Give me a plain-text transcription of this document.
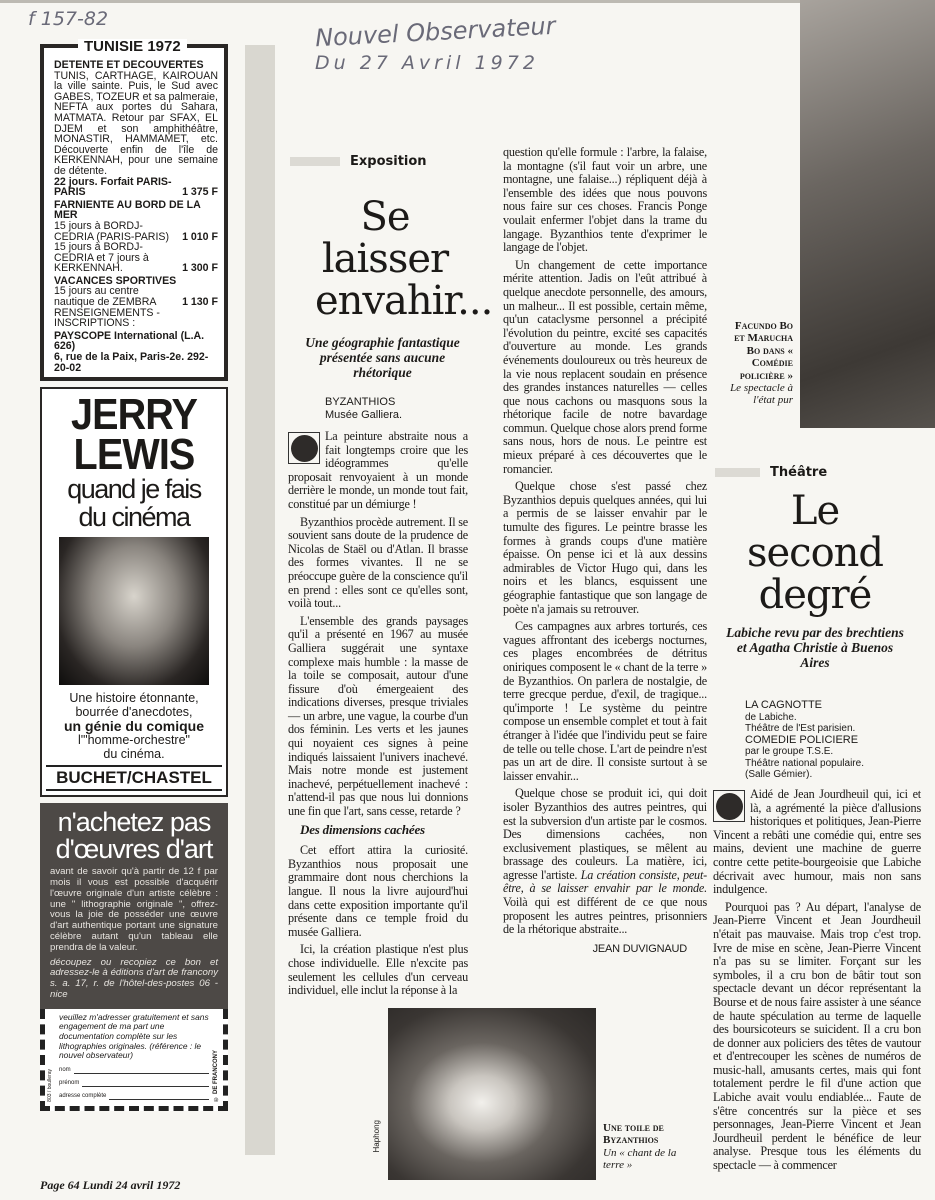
f 157-82	Nouvel Observateur
Du 27 Avril 1972
TUNISIE 1972
DETENTE ET DECOUVERTES
TUNIS, CARTHAGE, KAIROUAN la ville sainte. Puis, le Sud avec GABES, TOZEUR et sa palmeraie, NEFTA aux portes du Sahara, MATMATA. Retour par SFAX, EL DJEM et son amphithéâtre, MONASTIR, HAMMAMET, etc. Découverte enfin de l'île de KERKENNAH, pour une semaine de détente.
22 jours. Forfait PARIS-PARIS	1 375 F
FARNIENTE AU BORD DE LA MER
15 jours à BORDJ-CEDRIA (PARIS-PARIS)	1 010 F
15 jours à BORDJ-CEDRIA et 7 jours à KERKENNAH.	1 300 F
VACANCES SPORTIVES
15 jours au centre nautique de ZEMBRA	1 130 F
RENSEIGNEMENTS - INSCRIPTIONS :
PAYSCOPE International (L.A. 626)
6, rue de la Paix, Paris-2e. 292-20-02
JERRY
LEWIS
quand je fais
du cinéma
Une histoire étonnante,
bourrée d'anecdotes,
un génie du comique
l'"homme-orchestre"
du cinéma.
BUCHET/CHASTEL
n'achetez pas
d'œuvres d'art

avant de savoir qu'à partir de 12 f par mois il vous est possible d'acquérir l'œuvre originale d'un artiste célèbre : une " lithographie originale ", offrez-vous la joie de posséder une œuvre d'art authentique portant une signature célèbre autant qu'un tableau elle prendra de la valeur.

découpez ou recopiez ce bon et adressez-le à éditions d'art de francony s. a. 17, r. de l'hôtel-des-postes 06 - nice

veuillez m'adresser gratuitement et sans engagement de ma part une documentation complète sur les lithographies originales. (référence : le nouvel observateur)
nom
prénom
adresse complète	© DE FRANCONY
803 / boulleray
Page 64 Lundi 24 avril 1972
Exposition
Se laisser envahir...
Une géographie fantastique présentée sans aucune rhétorique
BYZANTHIOS
Musée Galliera.

La peinture abstraite nous a fait longtemps croire que les idéogrammes qu'elle proposait renvoyaient à un monde derrière le monde, un monde tout fait, constitué par un démiurge !

Byzanthios procède autrement. Il se souvient sans doute de la prudence de Nicolas de Staël ou d'Atlan. Il brasse des formes vivantes. Il ne se préoccupe guère de la conscience qu'il en prend : elles sont ce qu'elles sont, voilà tout...

L'ensemble des grands paysages qu'il a présenté en 1967 au musée Galliera suggérait une syntaxe complexe mais humble : la masse de la toile se composait, autour d'une fissure d'où émergeaient des indications diverses, presque triviales — un arbre, une vague, la courbe d'un dos féminin. Les verts et les jaunes qui noyaient ces signes à peine indiqués laissaient l'univers inachevé. Mais notre monde est justement inachevé, perpétuellement inachevé : n'attend-il pas que nous lui donnions une fin que l'art, sans cesse, retarde ?

Des dimensions cachées

Cet effort attira la curiosité. Byzanthios nous proposait une grammaire dont nous cherchions la langue. Il nous la livre aujourd'hui dans cette exposition importante qu'il présente dans ce temple froid du musée Galliera.

Ici, la création plastique n'est plus chose individuelle. Elle n'excite pas seulement les cellules d'un cerveau individuel, elle inclut la réponse à la

question qu'elle formule : l'arbre, la falaise, la montagne (s'il faut voir un arbre, une montagne, une falaise...) répliquent déjà à l'ensemble des idées que nous pouvons nous faire sur ces choses. Francis Ponge voulait enfermer l'objet dans la trame du langage. Byzanthios tente d'exprimer le langage de l'objet.

Un changement de cette importance mérite attention. Jadis on l'eût attribué à quelque anecdote personnelle, des amours, un malheur... Il est possible, certain même, qu'un cataclysme personnel a précipité l'évolution du peintre, excité ses capacités d'ouverture au monde. Les grands événements douloureux ou très heureux de la vie nous replacent soudain en présence des grandes instances naturelles — celles que nous cachons ou masquons sous la rhétorique facile de notre bavardage commun. Quelque chose alors prend forme sans nous, hors de nous. Le peintre est mieux préparé à ces découvertes que le romancier.

Quelque chose s'est passé chez Byzanthios depuis quelques années, qui lui a permis de se laisser envahir par le tumulte des figures. Le peintre brasse les formes à grands coups d'une matière épaisse. On pense ici et là aux dessins admirables de Victor Hugo qui, dans les noirs et les blancs, esquissent une géographie fantastique que son langage de poète n'a jamais su retrouver.

Ces campagnes aux arbres torturés, ces vagues affrontant des icebergs nocturnes, ces plages encombrées de détritus oniriques composent le « chant de la terre » de Byzanthios. On parlera de nostalgie, de terre grecque perdue, d'exil, de tragique... qu'importe ! Le système du peintre compose un ensemble complet et tout à fait étranger à l'idée que l'individu peut se faire de telle ou telle chose. L'art de peindre n'est pas un art de dire. Il consiste surtout à se laisser envahir...

Quelque chose se produit ici, qui doit isoler Byzanthios des autres peintres, qui est la subversion d'un artiste par le cosmos. Des dimensions cachées, non exclusivement plastiques, se mêlent au brassage des couleurs. La matière, ici, agresse l'artiste. La création consiste, peut-être, à se laisser envahir par le monde. Voilà qui est différent de ce que nous proposent les autres peintres, prisonniers de la rhétorique abstraite...

JEAN DUVIGNAUD
Haphong	Une toile de Byzanthios
Un « chant de la terre »
Facundo Bo et Marucha Bo dans « Comédie policière »
Le spectacle à l'état pur
Théâtre
Le second degré
Labiche revu par des brechtiens et Agatha Christie à Buenos Aires
LA CAGNOTTE
de Labiche.
Théâtre de l'Est parisien.
COMEDIE POLICIERE
par le groupe T.S.E.
Théâtre national populaire.
(Salle Gémier).

Aidé de Jean Jourdheuil qui, ici et là, a agrémenté la pièce d'allusions historiques et politiques, Jean-Pierre Vincent a rebâti une comédie qui, entre ses mains, devient une machine de guerre contre cette petite-bourgeoisie que Labiche décrivait avec humour, mais non sans indulgence.

Pourquoi pas ? Au départ, l'analyse de Jean-Pierre Vincent et Jean Jourdheuil n'était pas mauvaise. Mais trop c'est trop. Ivre de mise en scène, Jean-Pierre Vincent n'a pas su se limiter. Forçant sur les symboles, il a cru bon de bâtir tout son spectacle devant un décor représentant la Bourse et de nous faire assister à une séance de haute spéculation au terme de laquelle des boursicoteurs se suicident. Il a cru bon de donner aux policiers des têtes de vautour et d'entrecouper les scènes de numéros de music-hall, amusants certes, mais qui font totalement perdre le fil d'une action que Labiche avait voulu endiablée... Faute de s'être concentrés sur la pièce et ses personnages, Jean-Pierre Vincent et Jean Jourdheuil perdent le bénéfice de leur analyse. Presque tous les éléments du spectacle — à commencer
